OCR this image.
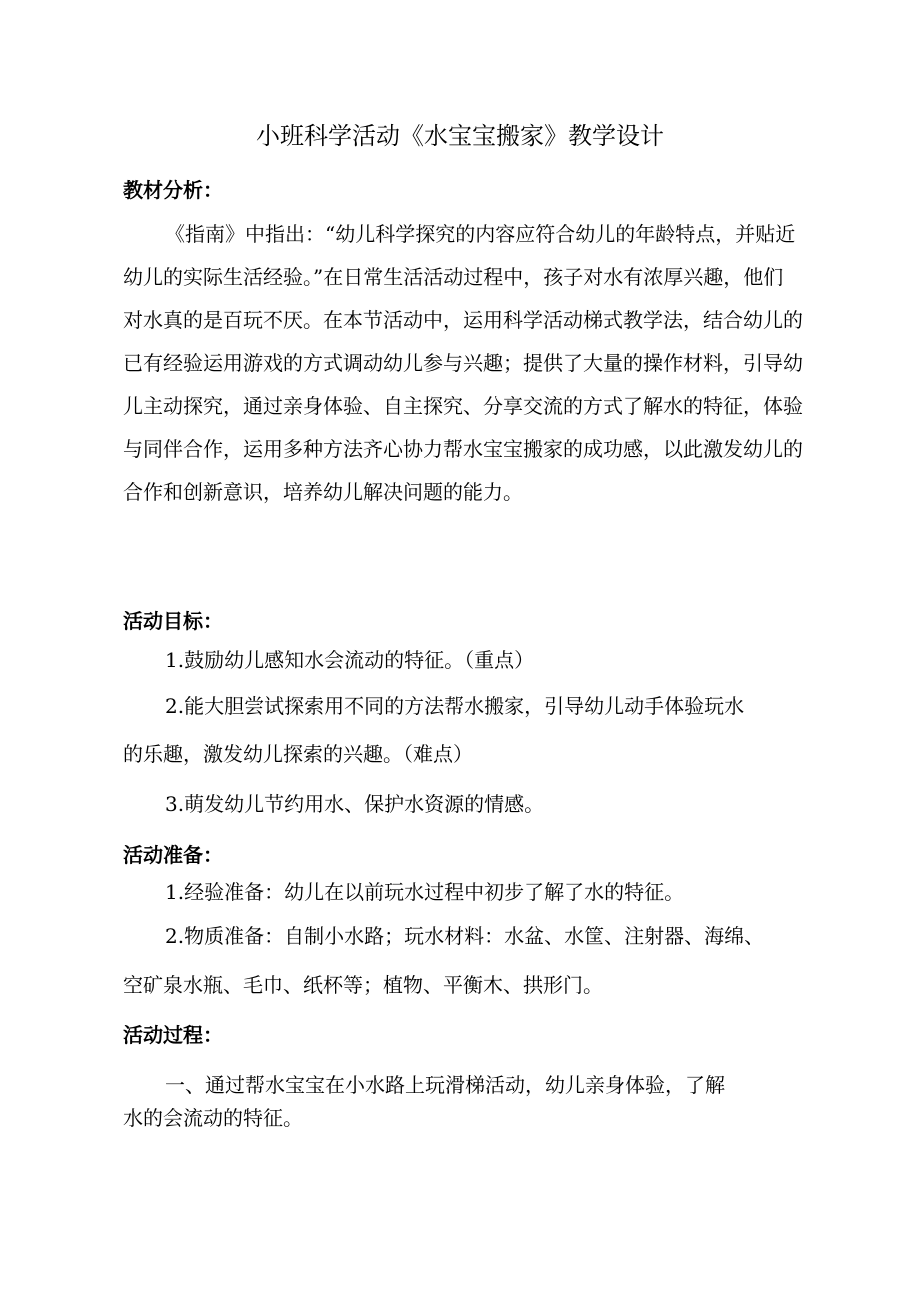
小班科学活动《水宝宝搬家》教学设计
教材分析：

《指南》中指出：“幼儿科学探究的内容应符合幼儿的年龄特点，并贴近幼儿的实际生活经验。”在日常生活活动过程中，孩子对水有浓厚兴趣，他们对水真的是百玩不厌。在本节活动中，运用科学活动梯式教学法，结合幼儿的已有经验运用游戏的方式调动幼儿参与兴趣；提供了大量的操作材料，引导幼儿主动探究，通过亲身体验、自主探究、分享交流的方式了解水的特征，体验与同伴合作，运用多种方法齐心协力帮水宝宝搬家的成功感，以此激发幼儿的合作和创新意识，培养幼儿解决问题的能力。

活动目标：
1.鼓励幼儿感知水会流动的特征。（重点）
2.能大胆尝试探索用不同的方法帮水搬家，引导幼儿动手体验玩水
的乐趣，激发幼儿探索的兴趣。（难点）
3.萌发幼儿节约用水、保护水资源的情感。
活动准备：
1.经验准备：幼儿在以前玩水过程中初步了解了水的特征。
2.物质准备：自制小水路；玩水材料：水盆、水筐、注射器、海绵、
空矿泉水瓶、毛巾、纸杯等；植物、平衡木、拱形门。
活动过程：
一、通过帮水宝宝在小水路上玩滑梯活动，幼儿亲身体验，了解
水的会流动的特征。
